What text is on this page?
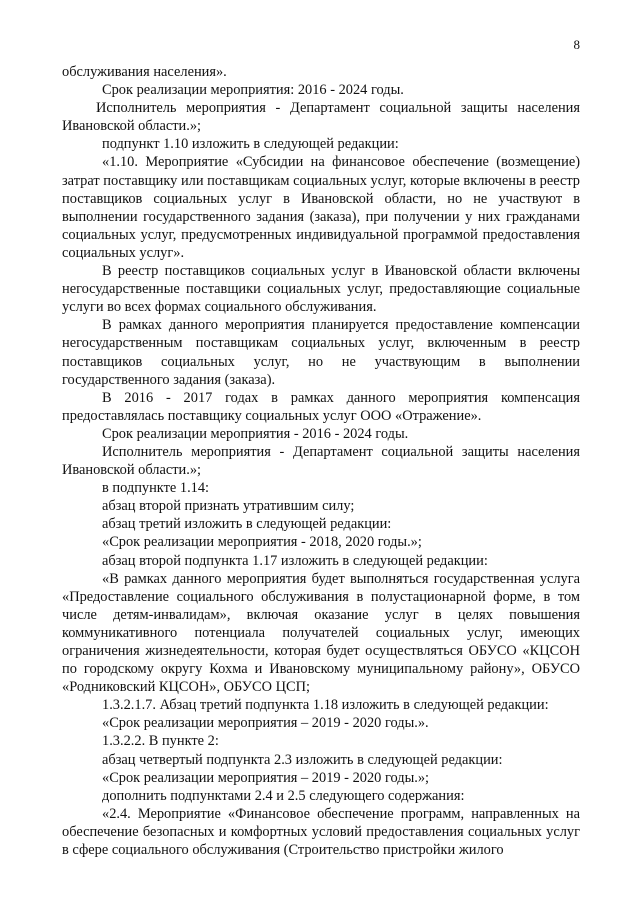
8

обслуживания населения».

Срок реализации мероприятия: 2016 - 2024 годы.

Исполнитель мероприятия - Департамент социальной защиты населения Ивановской области.»;

подпункт 1.10 изложить в следующей редакции:

«1.10. Мероприятие «Субсидии на финансовое обеспечение (возмещение) затрат поставщику или поставщикам социальных услуг, которые включены в реестр поставщиков социальных услуг в Ивановской области, но не участвуют в выполнении государственного задания (заказа), при получении у них гражданами социальных услуг, предусмотренных индивидуальной программой предоставления социальных услуг».

В реестр поставщиков социальных услуг в Ивановской области включены негосударственные поставщики социальных услуг, предоставляющие социальные услуги во всех формах социального обслуживания.

В рамках данного мероприятия планируется предоставление компенсации негосударственным поставщикам социальных услуг, включенным в реестр поставщиков социальных услуг, но не участвующим в выполнении государственного задания (заказа).

В 2016 - 2017 годах в рамках данного мероприятия компенсация предоставлялась поставщику социальных услуг ООО «Отражение».

Срок реализации мероприятия - 2016 - 2024 годы.

Исполнитель мероприятия - Департамент социальной защиты населения Ивановской области.»;

в подпункте 1.14:

абзац второй признать утратившим силу;

абзац третий изложить в следующей редакции:

«Срок реализации мероприятия - 2018, 2020 годы.»;

абзац второй подпункта 1.17 изложить в следующей редакции:

«В рамках данного мероприятия будет выполняться государственная услуга «Предоставление социального обслуживания в полустационарной форме, в том числе детям-инвалидам», включая оказание услуг в целях повышения коммуникативного потенциала получателей социальных услуг, имеющих ограничения жизнедеятельности, которая будет осуществляться ОБУСО «КЦСОН по городскому округу Кохма и Ивановскому муниципальному району», ОБУСО «Родниковский КЦСОН», ОБУСО ЦСП;

1.3.2.1.7. Абзац третий подпункта 1.18 изложить в следующей редакции:

«Срок реализации мероприятия – 2019 - 2020 годы.».

1.3.2.2. В пункте 2:

абзац четвертый подпункта 2.3 изложить в следующей редакции:

«Срок реализации мероприятия – 2019 - 2020 годы.»;

дополнить подпунктами 2.4 и 2.5 следующего содержания:

«2.4. Мероприятие «Финансовое обеспечение программ, направленных на обеспечение безопасных и комфортных условий предоставления социальных услуг в сфере социального обслуживания (Строительство пристройки жилого
